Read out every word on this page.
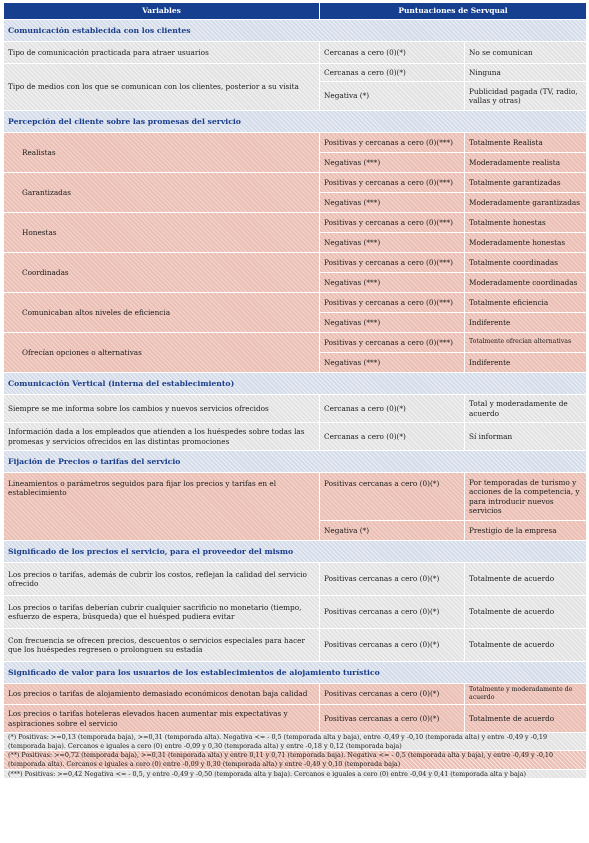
Variables	Puntuaciones de Servqual	
Comunicación establecida con los clientes		
Tipo de comunicación practicada para atraer usuarios	Cercanas a cero (0)(*)	No se comunican
Tipo de medios con los que se comunican con los clientes, posterior a su visita	Cercanas a cero (0)(*)	Ninguna
	Negativa (*)	Publicidad pagada (TV, radio, vallas y otras)
Percepción del cliente sobre las promesas del servicio		
Realistas	Positivas y cercanas a cero (0)(***)	Totalmente Realista
	Negativas (***)	Moderadamente realista
Garantizadas	Positivas y cercanas a cero (0)(***)	Totalmente garantizadas
	Negativas (***)	Moderadamente garantizadas
Honestas	Positivas y cercanas a cero (0)(***)	Totalmente honestas
	Negativas (***)	Moderadamente honestas
Coordinadas	Positivas y cercanas a cero (0)(***)	Totalmente coordinadas
	Negativas (***)	Moderadamente coordinadas
Comunicaban altos niveles de eficiencia	Positivas y cercanas a cero (0)(***)	Totalmente eficiencia
	Negativas (***)	Indiferente
Ofrecían opciones o alternativas	Positivas y cercanas a cero (0)(***)	Totalmente ofrecían alternativas
	Negativas (***)	Indiferente
Comunicación Vertical (interna del establecimiento)		
Siempre se me informa sobre los cambios y nuevos servicios ofrecidos	Cercanas a cero (0)(*)	Total y moderadamente de acuerdo
Información dada a los empleados que atienden a los huéspedes sobre todas las promesas y servicios ofrecidos en las distintas promociones	Cercanas a cero (0)(*)	Sí informan
Fijación de Precios o tarifas del servicio		
Lineamientos o parámetros seguidos para fijar los precios y tarifas en el establecimiento	Positivas cercanas a cero (0)(*)	Por temporadas de turismo y acciones de la competencia, y para introducir nuevos servicios
	Negativa (*)	Prestigio de la empresa
Significado de los precios el servicio, para el proveedor del mismo		
Los precios o tarifas, además de cubrir los costos, reflejan la calidad del servicio ofrecido	Positivas cercanas a cero (0)(*)	Totalmente de acuerdo
Los precios o tarifas deberían cubrir cualquier sacrificio no monetario (tiempo, esfuerzo de espera, búsqueda) que el huésped pudiera evitar	Positivas cercanas a cero (0)(*)	Totalmente de acuerdo
Con frecuencia se ofrecen precios, descuentos o servicios especiales para hacer que los huéspedes regresen o prolonguen su estadía	Positivas cercanas a cero (0)(*)	Totalmente de acuerdo
Significado de valor para los usuarios de los establecimientos de alojamiento turístico		
Los precios o tarifas de alojamiento demasiado económicos denotan baja calidad	Positivas cercanas a cero (0)(*)	Totalmente y moderadamente de acuerdo
Los precios o tarifas hoteleras elevados hacen aumentar mis expectativas y aspiraciones sobre el servicio	Positivas cercanas a cero (0)(*)	Totalmente de acuerdo
(*) Positivas: >=0,13 (temporada baja), >=0,31 (temporada alta). Negativa <= - 0,5 (temporada alta y baja), entre -0,49 y -0,10 (temporada alta) y entre -0,49 y -0,19 (temporada baja). Cercanos e iguales a cero (0) entre -0,09 y 0,30 (temporada alta) y entre -0,18 y 0,12 (temporada baja)		
(**) Positivas: >=0,72 (temporada baja), >=0,31 (temporada alta) y entre 0,11 y 0,71 (temporada baja). Negativa <= - 0,5 (temporada alta y baja), y entre -0,49 y -0,10 (temporada alta). Cercanos e iguales a cero (0) entre -0,09 y 0,30 (temporada alta) y entre -0,49 y 0,10 (temporada baja)		
(***) Positivas: >=0,42 Negativa <= - 0,5, y entre -0,49 y -0,50 (temporada alta y baja). Cercanos e iguales a cero (0) entre -0,04 y 0,41 (temporada alta y baja)		
